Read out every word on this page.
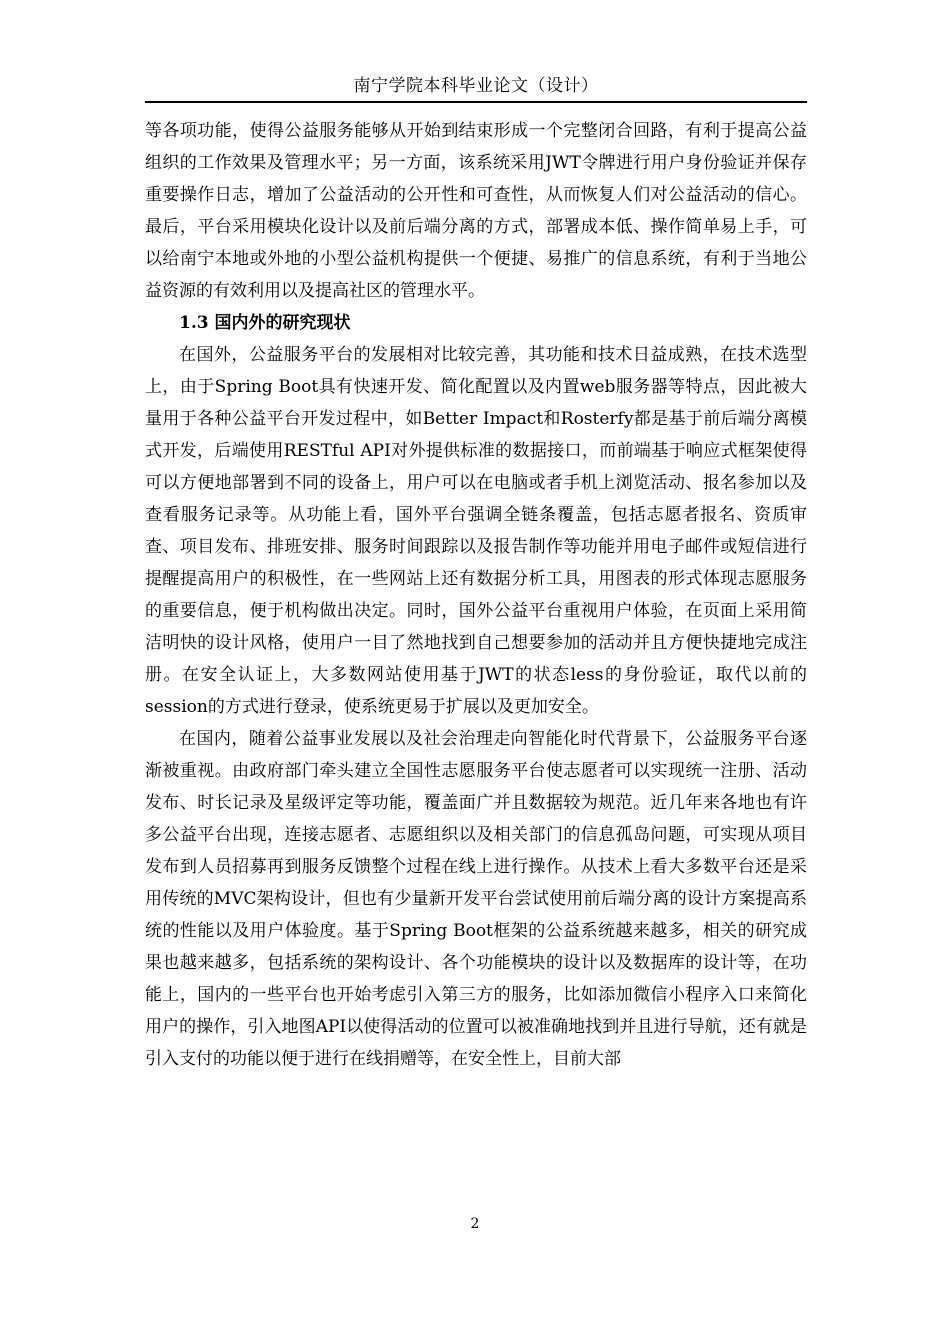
南宁学院本科毕业论文（设计）

等各项功能，使得公益服务能够从开始到结束形成一个完整闭合回路，有利于提高公益组织的工作效果及管理水平；另一方面，该系统采用JWT令牌进行用户身份验证并保存重要操作日志，增加了公益活动的公开性和可查性，从而恢复人们对公益活动的信心。最后，平台采用模块化设计以及前后端分离的方式，部署成本低、操作简单易上手，可以给南宁本地或外地的小型公益机构提供一个便捷、易推广的信息系统，有利于当地公益资源的有效利用以及提高社区的管理水平。

1.3 国内外的研究现状

在国外，公益服务平台的发展相对比较完善，其功能和技术日益成熟，在技术选型上，由于Spring Boot具有快速开发、简化配置以及内置web服务器等特点，因此被大量用于各种公益平台开发过程中，如Better Impact和Rosterfy都是基于前后端分离模式开发，后端使用RESTful API对外提供标准的数据接口，而前端基于响应式框架使得可以方便地部署到不同的设备上，用户可以在电脑或者手机上浏览活动、报名参加以及查看服务记录等。从功能上看，国外平台强调全链条覆盖，包括志愿者报名、资质审查、项目发布、排班安排、服务时间跟踪以及报告制作等功能并用电子邮件或短信进行提醒提高用户的积极性，在一些网站上还有数据分析工具，用图表的形式体现志愿服务的重要信息，便于机构做出决定。同时，国外公益平台重视用户体验，在页面上采用简洁明快的设计风格，使用户一目了然地找到自己想要参加的活动并且方便快捷地完成注册。在安全认证上，大多数网站使用基于JWT的状态less的身份验证，取代以前的session的方式进行登录，使系统更易于扩展以及更加安全。

在国内，随着公益事业发展以及社会治理走向智能化时代背景下，公益服务平台逐渐被重视。由政府部门牵头建立全国性志愿服务平台使志愿者可以实现统一注册、活动发布、时长记录及星级评定等功能，覆盖面广并且数据较为规范。近几年来各地也有许多公益平台出现，连接志愿者、志愿组织以及相关部门的信息孤岛问题，可实现从项目发布到人员招募再到服务反馈整个过程在线上进行操作。从技术上看大多数平台还是采用传统的MVC架构设计，但也有少量新开发平台尝试使用前后端分离的设计方案提高系统的性能以及用户体验度。基于Spring Boot框架的公益系统越来越多，相关的研究成果也越来越多，包括系统的架构设计、各个功能模块的设计以及数据库的设计等，在功能上，国内的一些平台也开始考虑引入第三方的服务，比如添加微信小程序入口来简化用户的操作，引入地图API以使得活动的位置可以被准确地找到并且进行导航，还有就是引入支付的功能以便于进行在线捐赠等，在安全性上，目前大部

2
